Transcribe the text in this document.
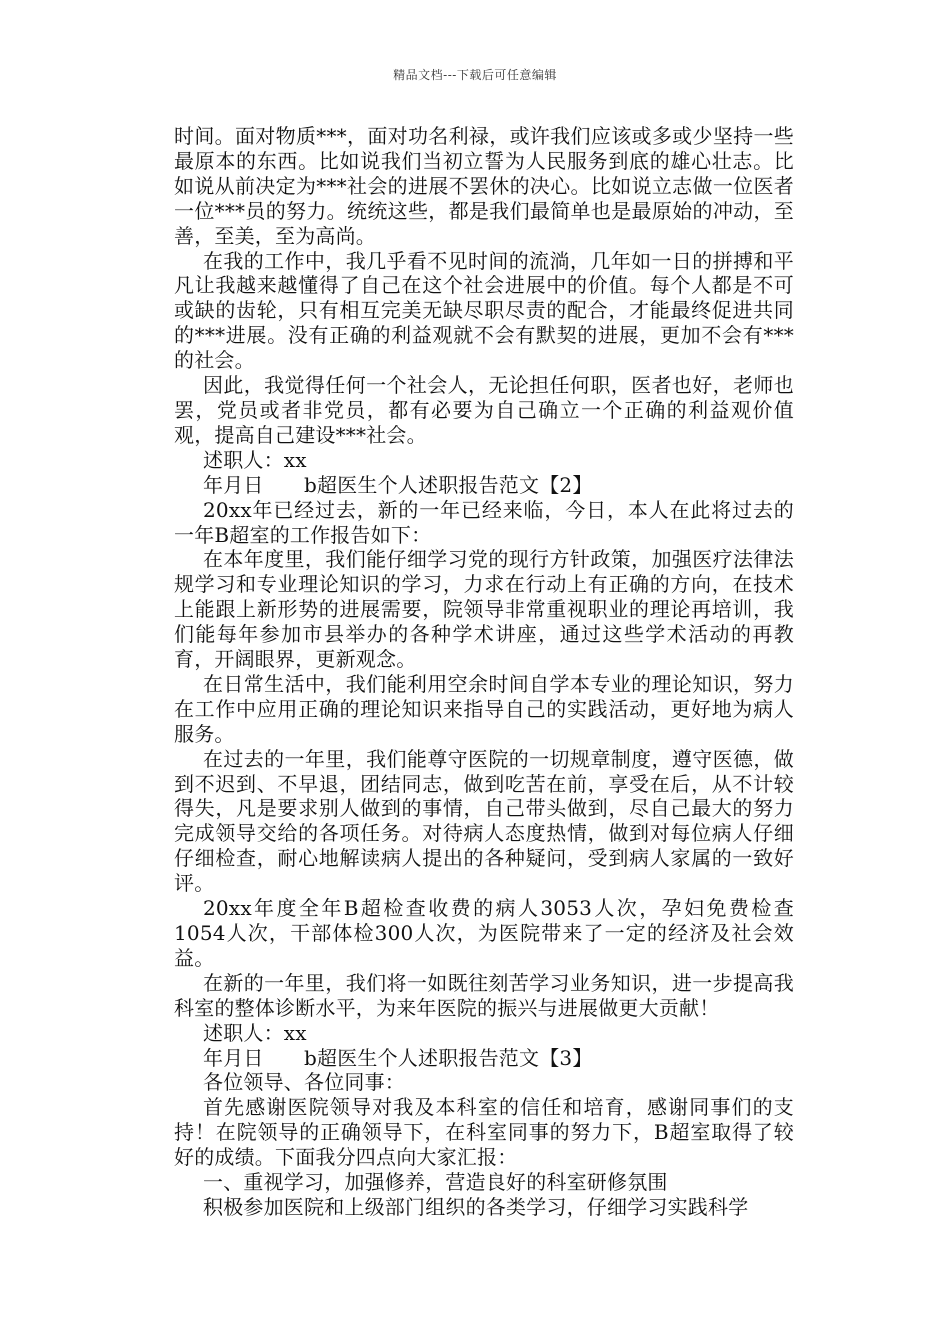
精品文档---下载后可任意编辑

时间。面对物质***，面对功名利禄，或许我们应该或多或少坚持一些最原本的东西。比如说我们当初立誓为人民服务到底的雄心壮志。比如说从前决定为***社会的进展不罢休的决心。比如说立志做一位医者一位***员的努力。统统这些，都是我们最简单也是最原始的冲动，至善，至美，至为高尚。

在我的工作中，我几乎看不见时间的流淌，几年如一日的拼搏和平凡让我越来越懂得了自己在这个社会进展中的价值。每个人都是不可或缺的齿轮，只有相互完美无缺尽职尽责的配合，才能最终促进共同的***进展。没有正确的利益观就不会有默契的进展，更加不会有***的社会。

因此，我觉得任何一个社会人，无论担任何职，医者也好，老师也罢，党员或者非党员，都有必要为自己确立一个正确的利益观价值观，提高自己建设***社会。

述职人：xx

年月日　　b超医生个人述职报告范文【2】

20xx年已经过去，新的一年已经来临，今日，本人在此将过去的一年B超室的工作报告如下：

在本年度里，我们能仔细学习党的现行方针政策，加强医疗法律法规学习和专业理论知识的学习，力求在行动上有正确的方向，在技术上能跟上新形势的进展需要，院领导非常重视职业的理论再培训，我们能每年参加市县举办的各种学术讲座，通过这些学术活动的再教育，开阔眼界，更新观念。

在日常生活中，我们能利用空余时间自学本专业的理论知识，努力在工作中应用正确的理论知识来指导自己的实践活动，更好地为病人服务。

在过去的一年里，我们能尊守医院的一切规章制度，遵守医德，做到不迟到、不早退，团结同志，做到吃苦在前，享受在后，从不计较得失，凡是要求别人做到的事情，自己带头做到，尽自己最大的努力完成领导交给的各项任务。对待病人态度热情，做到对每位病人仔细仔细检查，耐心地解读病人提出的各种疑问，受到病人家属的一致好评。

20xx年度全年B超检查收费的病人3053人次，孕妇免费检查1054人次，干部体检300人次，为医院带来了一定的经济及社会效益。

在新的一年里，我们将一如既往刻苦学习业务知识，进一步提高我科室的整体诊断水平，为来年医院的振兴与进展做更大贡献！

述职人：xx

年月日　　b超医生个人述职报告范文【3】

各位领导、各位同事：

首先感谢医院领导对我及本科室的信任和培育，感谢同事们的支持！在院领导的正确领导下，在科室同事的努力下，B超室取得了较好的成绩。下面我分四点向大家汇报：

一、重视学习，加强修养，营造良好的科室研修氛围

积极参加医院和上级部门组织的各类学习，仔细学习实践科学
